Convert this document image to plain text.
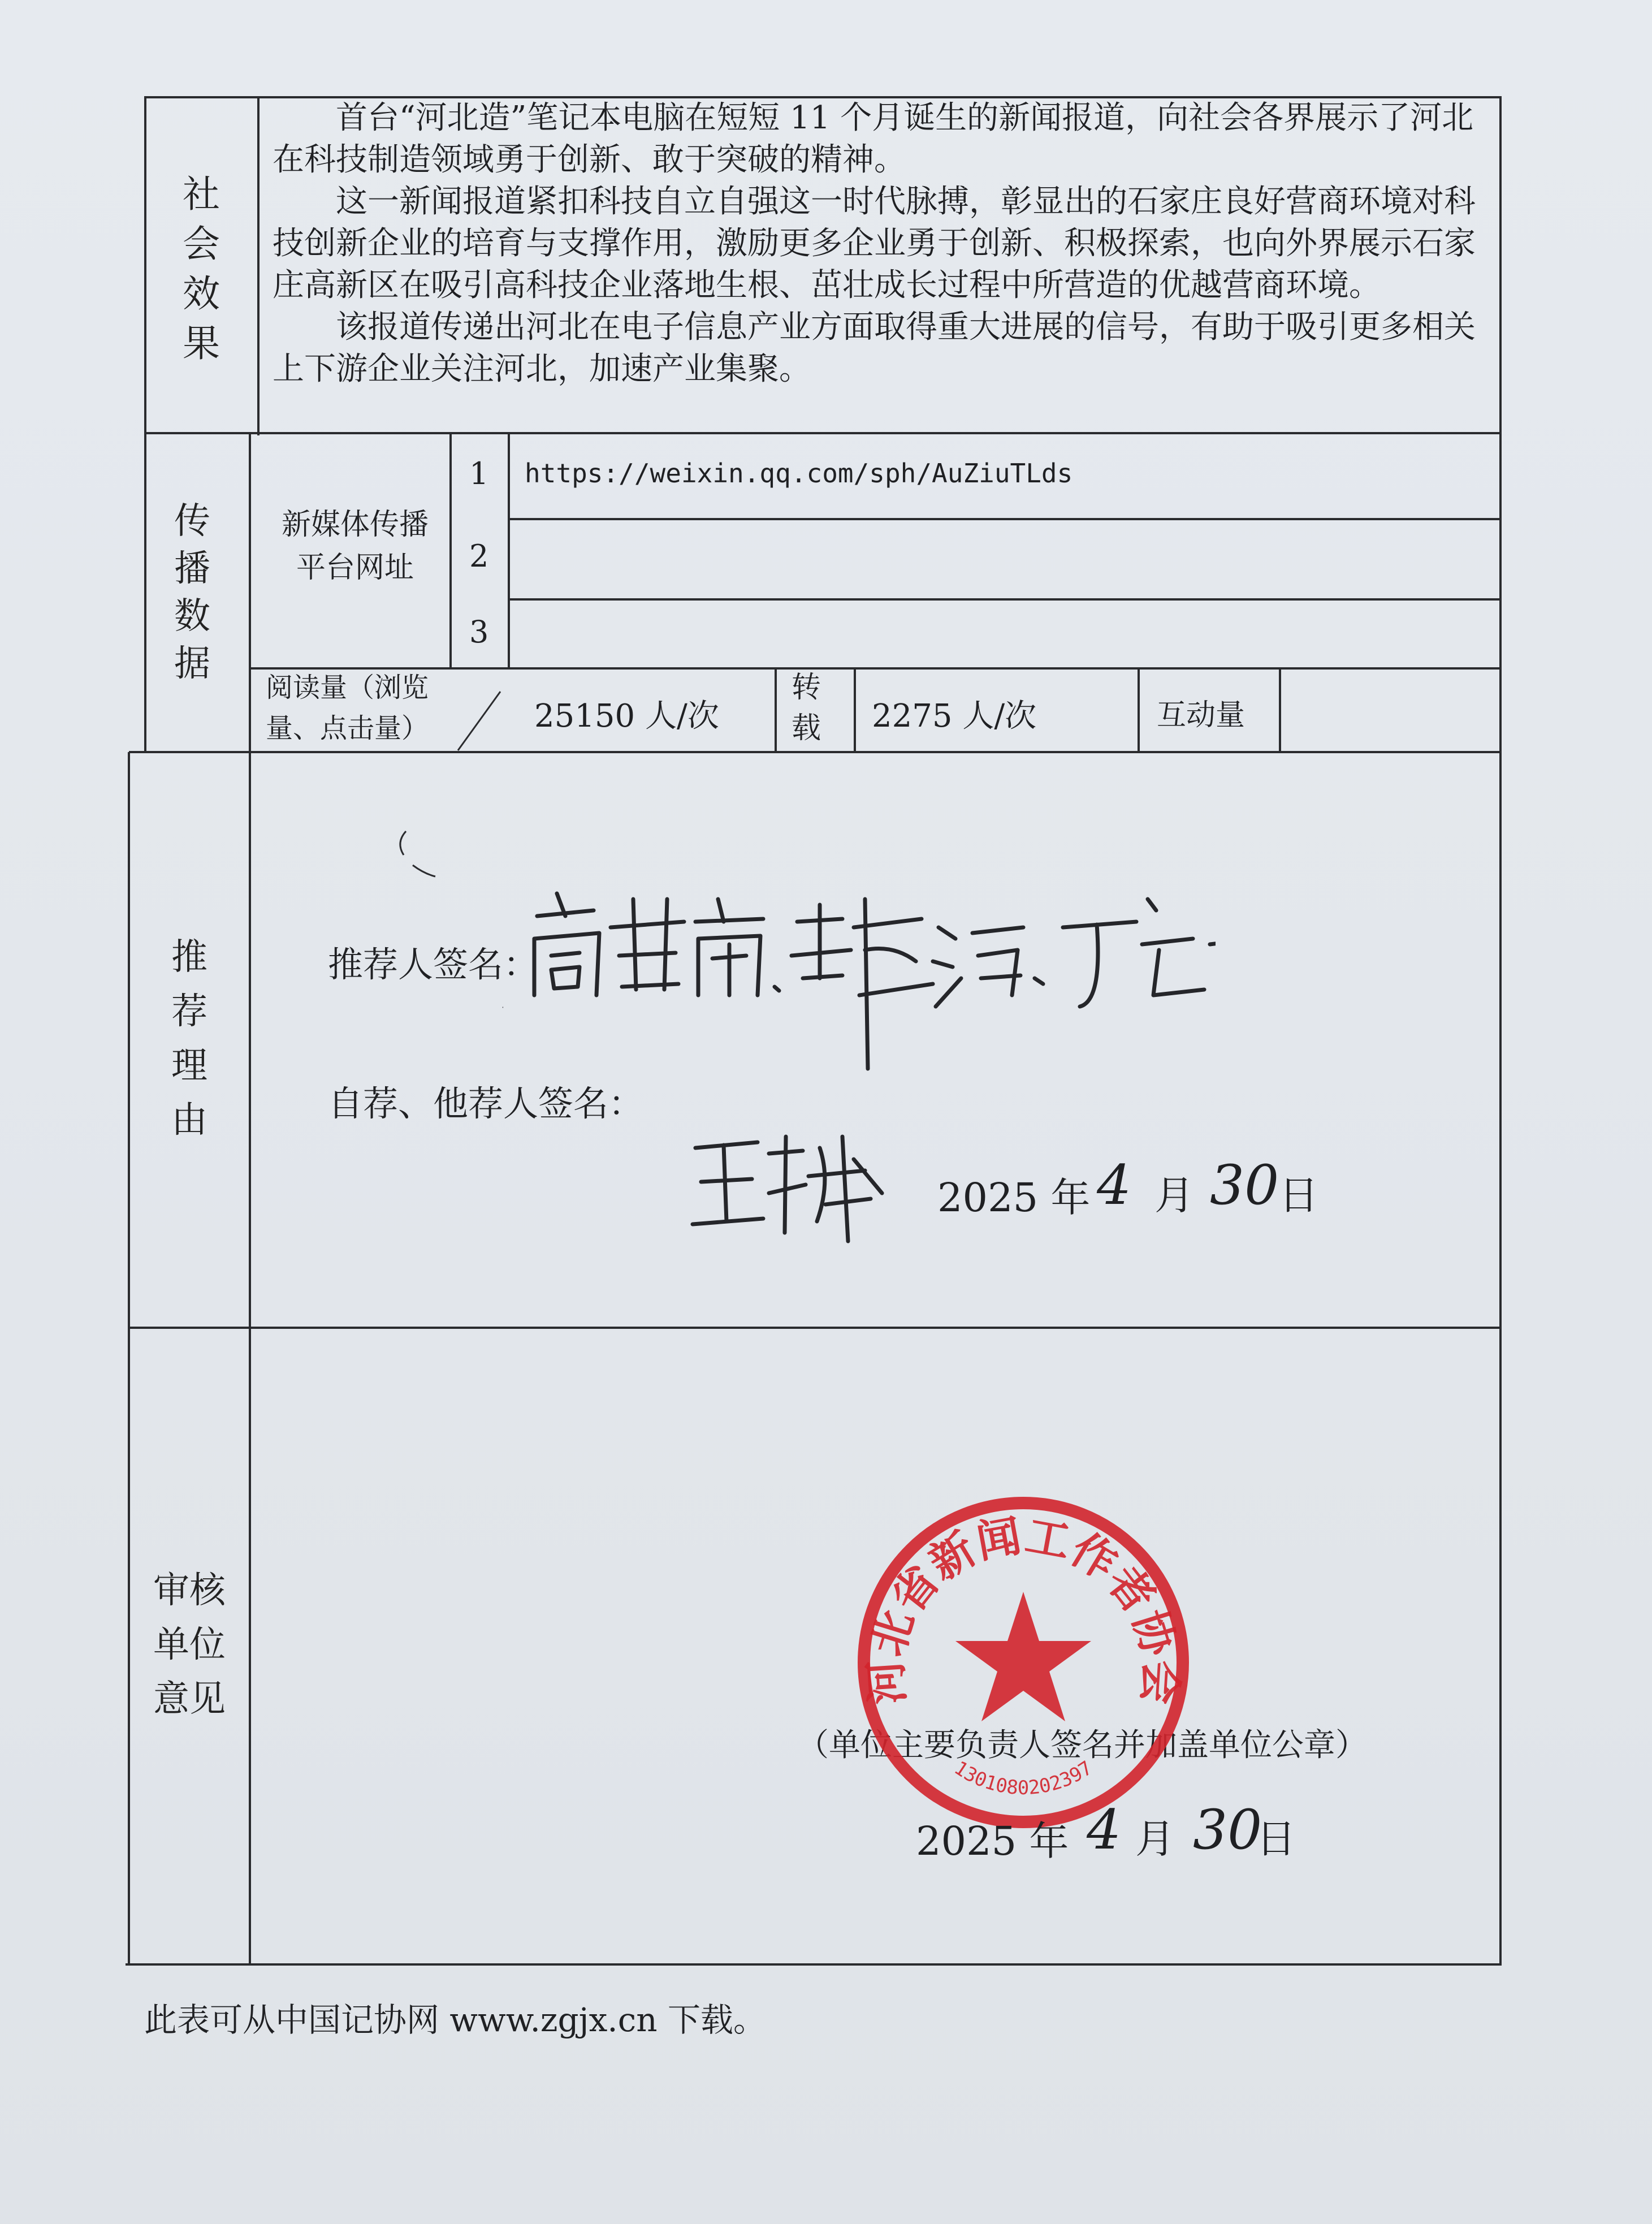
社
会
效
果

首台“河北造”笔记本电脑在短短 11 个月诞生的新闻报道，向社会各界展示了河北在科技制造领域勇于创新、敢于突破的精神。

这一新闻报道紧扣科技自立自强这一时代脉搏，彰显出的石家庄良好营商环境对科技创新企业的培育与支撑作用，激励更多企业勇于创新、积极探索，也向外界展示石家庄高新区在吸引高科技企业落地生根、茁壮成长过程中所营造的优越营商环境。

该报道传递出河北在电子信息产业方面取得重大进展的信号，有助于吸引更多相关上下游企业关注河北，加速产业集聚。

传
播
数
据
新媒体传播
平台网址
1 https://weixin.qq.com/sph/AuZiuTLds
2
3
阅读量（浏览
量、点击量）	25150 人/次
转
载 2275 人/次	互动量
推
荐
理
由
推荐人签名：
自荐、他荐人签名：
2025 年 4 月 30 日
审 核
单 位
意 见
（单位主要负责人签名并加盖单位公章）
河北省新闻工作者协会
1301080202397
2025 年 4 月 30
日
此表可从中国记协网 www.zgjx.cn 下载。
